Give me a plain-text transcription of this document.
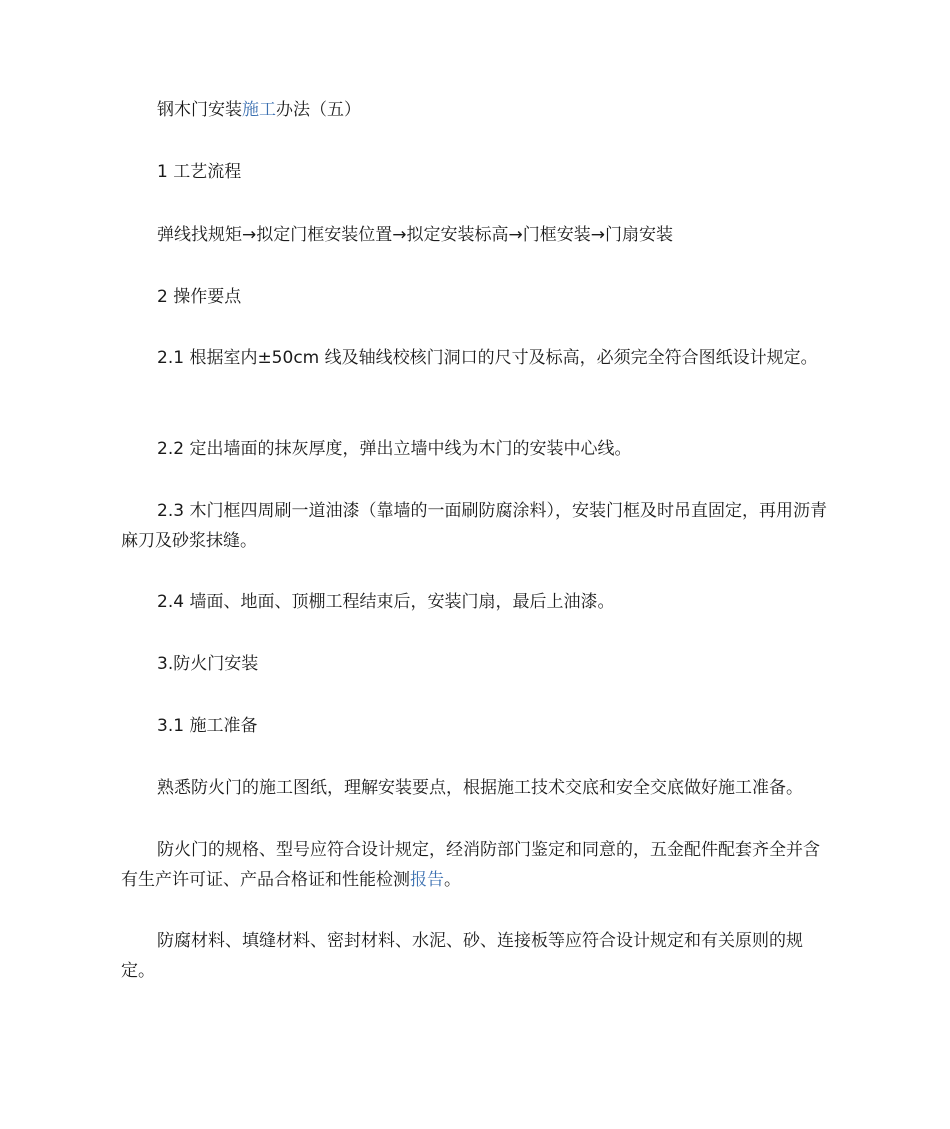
钢木门安装施工办法（五）

1 工艺流程

弹线找规矩→拟定门框安装位置→拟定安装标高→门框安装→门扇安装

2 操作要点

2.1 根据室内±50cm 线及轴线校核门洞口的尺寸及标高，必须完全符合图纸设计规定。

2.2 定出墙面的抹灰厚度，弹出立墙中线为木门的安装中心线。

2.3 木门框四周刷一道油漆（靠墙的一面刷防腐涂料），安装门框及时吊直固定，再用沥青麻刀及砂浆抹缝。

2.4 墙面、地面、顶棚工程结束后，安装门扇，最后上油漆。

3.防火门安装

3.1 施工准备

熟悉防火门的施工图纸，理解安装要点，根据施工技术交底和安全交底做好施工准备。

防火门的规格、型号应符合设计规定，经消防部门鉴定和同意的，五金配件配套齐全并含有生产许可证、产品合格证和性能检测报告。

防腐材料、填缝材料、密封材料、水泥、砂、连接板等应符合设计规定和有关原则的规定。
